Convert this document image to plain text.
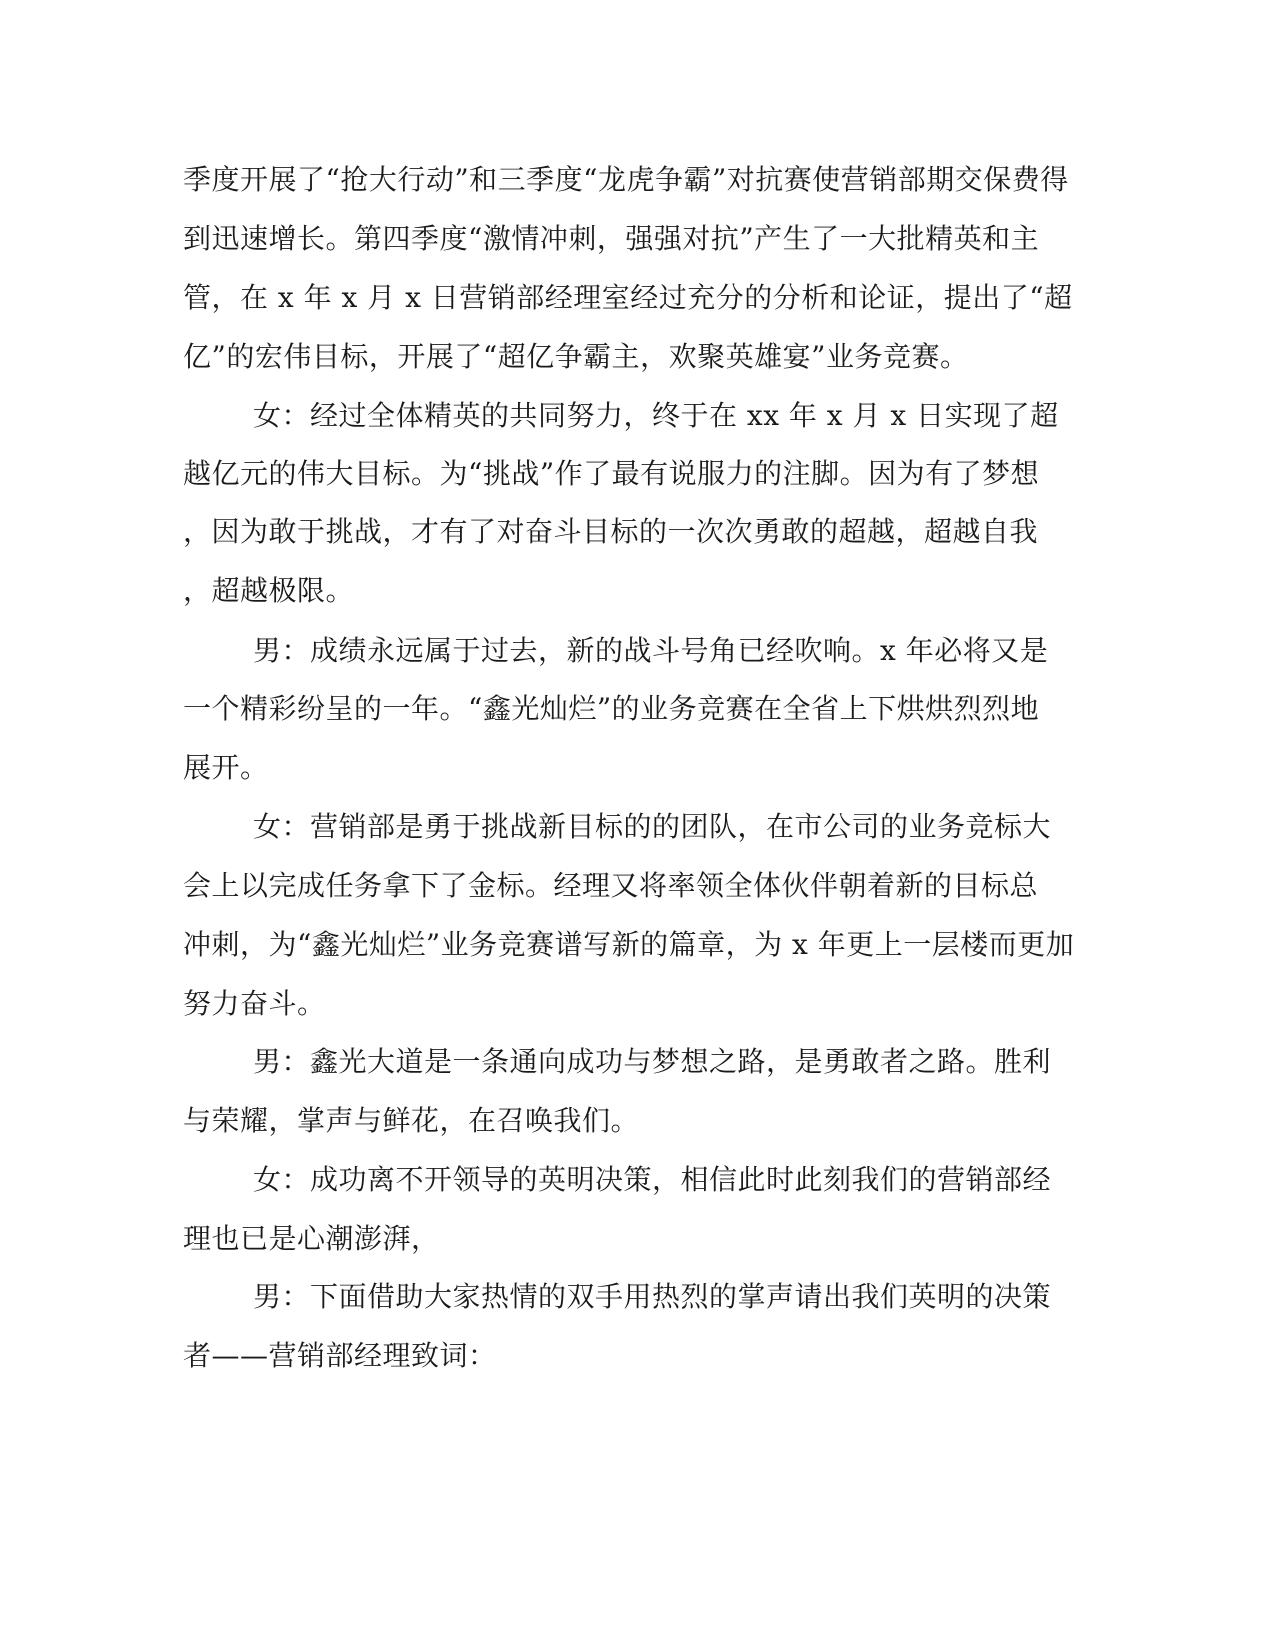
季度开展了“抢大行动”和三季度“龙虎争霸”对抗赛使营销部期交保费得
到迅速增长。第四季度“激情冲刺，强强对抗”产生了一大批精英和主
管，在 x 年 x 月 x 日营销部经理室经过充分的分析和论证，提出了“超
亿”的宏伟目标，开展了“超亿争霸主，欢聚英雄宴”业务竞赛。
女：经过全体精英的共同努力，终于在 xx 年 x 月 x 日实现了超
越亿元的伟大目标。为“挑战”作了最有说服力的注脚。因为有了梦想
，因为敢于挑战，才有了对奋斗目标的一次次勇敢的超越，超越自我
，超越极限。
男：成绩永远属于过去，新的战斗号角已经吹响。x 年必将又是
一个精彩纷呈的一年。“鑫光灿烂”的业务竞赛在全省上下烘烘烈烈地
展开。
女：营销部是勇于挑战新目标的的团队，在市公司的业务竞标大
会上以完成任务拿下了金标。经理又将率领全体伙伴朝着新的目标总
冲刺，为“鑫光灿烂”业务竞赛谱写新的篇章，为 x 年更上一层楼而更加
努力奋斗。
男：鑫光大道是一条通向成功与梦想之路，是勇敢者之路。胜利
与荣耀，掌声与鲜花，在召唤我们。
女：成功离不开领导的英明决策，相信此时此刻我们的营销部经
理也已是心潮澎湃，
男：下面借助大家热情的双手用热烈的掌声请出我们英明的决策
者——营销部经理致词：
